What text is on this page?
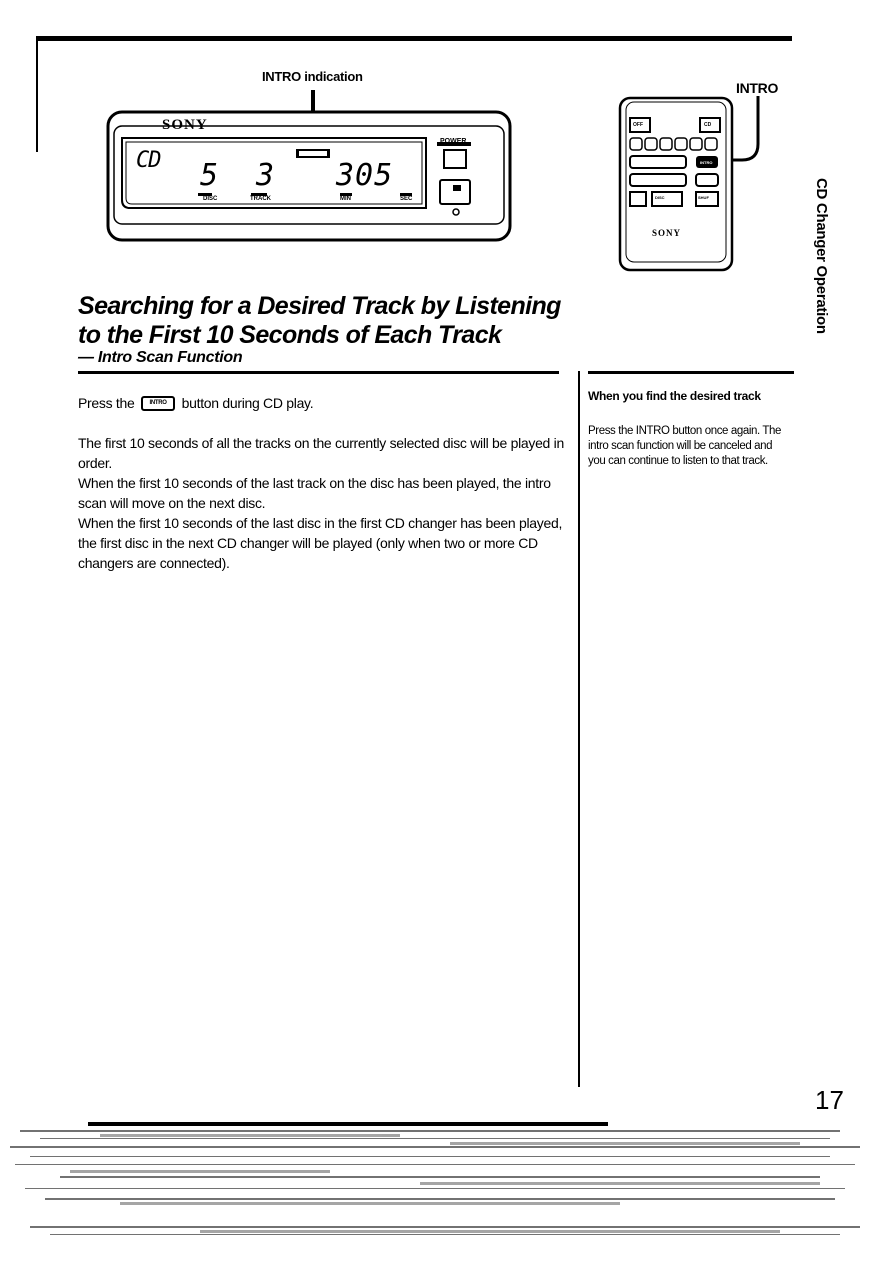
INTRO indication
INTRO
SONY
CD 5 3 305
DISC	TRACK	MIN	SEC
POWER
SONY
OFF	CD
INTRO
DISC	SHUF	CD Changer Operation
Searching for a Desired Track by Listening
to the First 10 Seconds of Each Track
— Intro Scan Function
Press the	INTRO button during CD play.

The first 10 seconds of all the tracks on the currently selected disc will be played in order.

When the first 10 seconds of the last track on the disc has been played, the intro scan will move on the next disc.

When the first 10 seconds of the last disc in the first CD changer has been played, the first disc in the next CD changer will be played (only when two or more CD changers are connected).

When you find the desired track
Press the INTRO button once again. The intro scan function will be canceled and you can continue to listen to that track.
17
